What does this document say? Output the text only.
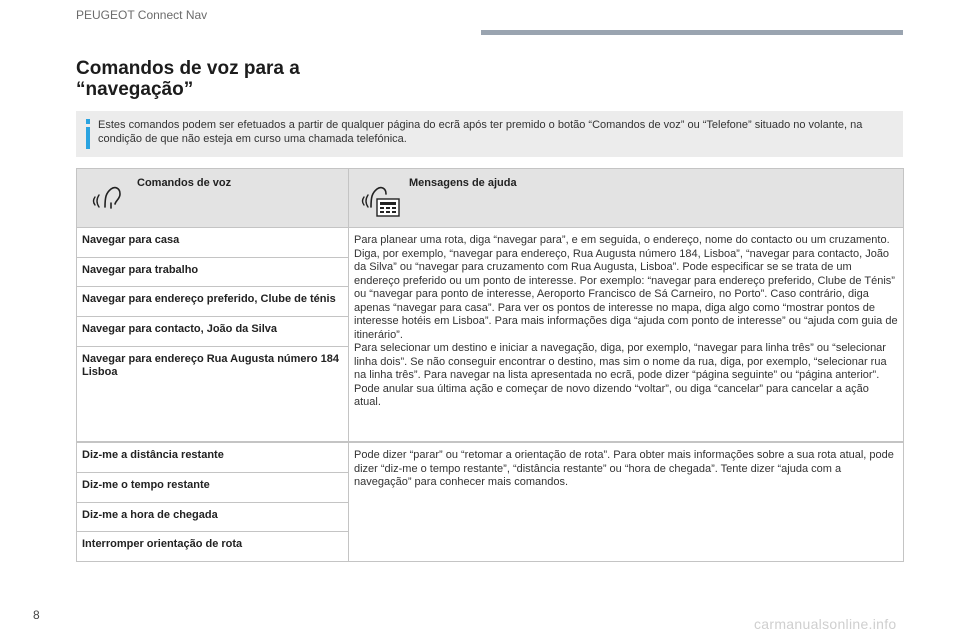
PEUGEOT Connect Nav
Comandos de voz para a
“navegação”
Estes comandos podem ser efetuados a partir de qualquer página do ecrã após ter premido o botão “Comandos de voz” ou “Telefone” situado no volante, na condição de que não esteja em curso uma chamada telefónica.
Comandos de voz	Mensagens de ajuda

Navegar para casa	Para planear uma rota, diga “navegar para”, e em seguida, o endereço, nome do contacto ou um cruzamento. Diga, por exemplo, “navegar para endereço, Rua Augusta número 184, Lisboa”, “navegar para contacto, João da Silva” ou “navegar para cruzamento com Rua Augusta, Lisboa”. Pode especificar se se trata de um endereço preferido ou um ponto de interesse. Por exemplo: “navegar para endereço preferido, Clube de Ténis” ou “navegar para ponto de interesse, Aeroporto Francisco de Sá Carneiro, no Porto”. Caso contrário, diga apenas “navegar para casa”. Para ver os pontos de interesse no mapa, diga algo como “mostrar pontos de interesse hotéis em Lisboa”. Para mais informações diga “ajuda com ponto de interesse” ou “ajuda com guia de itinerário”.
Para selecionar um destino e iniciar a navegação, diga, por exemplo, “navegar para linha três” ou “selecionar linha dois”. Se não conseguir encontrar o destino, mas sim o nome da rua, diga, por exemplo, “selecionar rua na linha três”. Para navegar na lista apresentada no ecrã, pode dizer “página seguinte” ou “página anterior”. Pode anular sua última ação e começar de novo dizendo “voltar”, ou diga “cancelar” para cancelar a ação atual.

Navegar para trabalho	
Navegar para endereço preferido, Clube de ténis	
Navegar para contacto, João da Silva	
Navegar para endereço Rua Augusta número 184 Lisboa	
Diz-me a distância restante	Pode dizer “parar” ou “retomar a orientação de rota”. Para obter mais informações sobre a sua rota atual, pode dizer “diz-me o tempo restante”, “distância restante” ou “hora de chegada”. Tente dizer “ajuda com a navegação” para conhecer mais comandos.
Diz-me o tempo restante	
Diz-me a hora de chegada	
Interromper orientação de rota	
8
carmanualsonline.info
